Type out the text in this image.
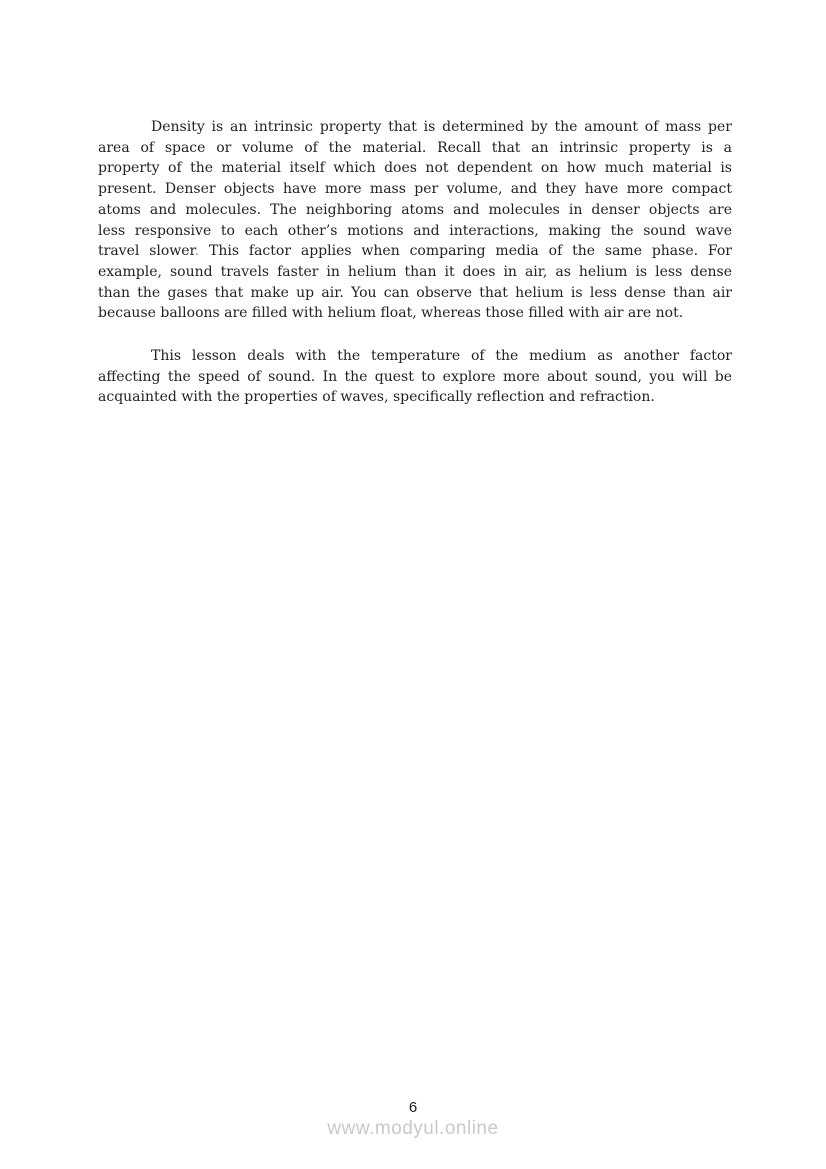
Density is an intrinsic property that is determined by the amount of mass per
area of space or volume of the material. Recall that an intrinsic property is a
property of the material itself which does not dependent on how much material is
present. Denser objects have more mass per volume, and they have more compact
atoms and molecules. The neighboring atoms and molecules in denser objects are
less responsive to each other’s motions and interactions, making the sound wave
travel slower. This factor applies when comparing media of the same phase. For
example, sound travels faster in helium than it does in air, as helium is less dense
than the gases that make up air. You can observe that helium is less dense than air
because balloons are filled with helium float, whereas those filled with air are not.
This lesson deals with the temperature of the medium as another factor
affecting the speed of sound. In the quest to explore more about sound, you will be
acquainted with the properties of waves, specifically reflection and refraction.
6
www.modyul.online
